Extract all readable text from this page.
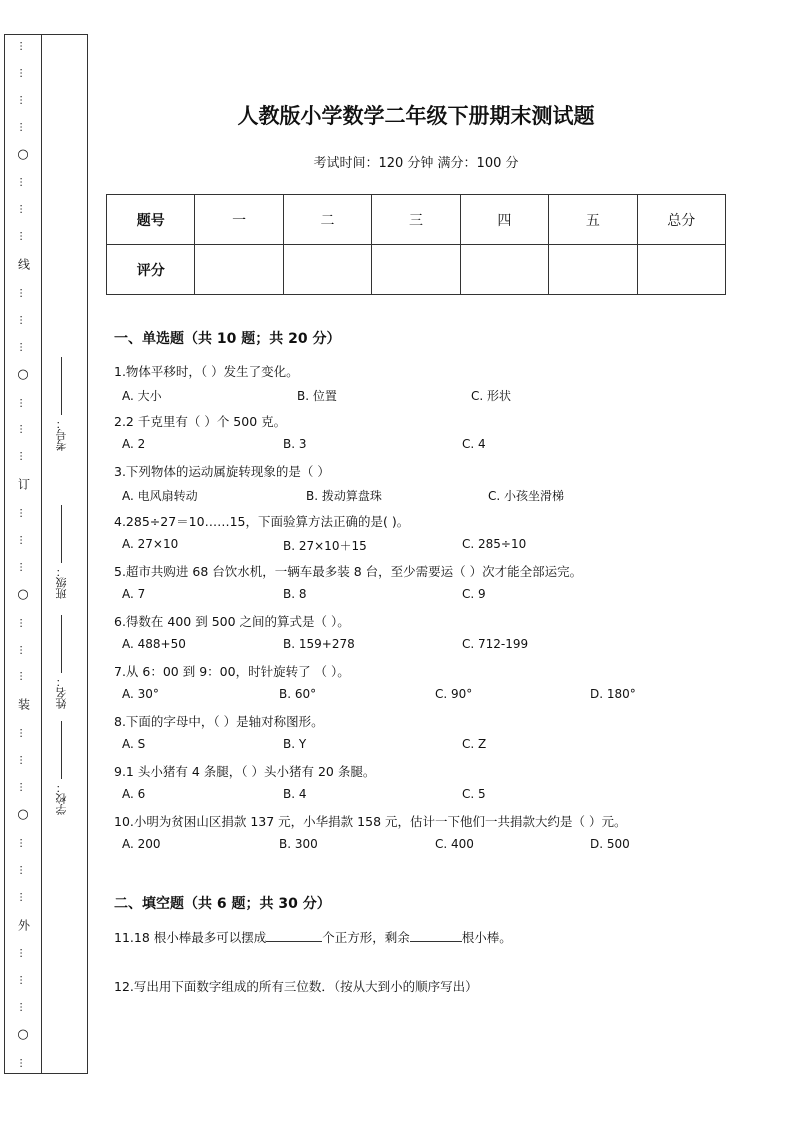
…
…
…
…
○
…
…
…
线
…
…
…
○
…
…
…
订
…
…
…
○
…
…
…
装
…
…
…
○
…
…
…
外
…
…
…
○
…
考号：
班级：
姓名：
学校：
人教版小学数学二年级下册期末测试题
考试时间：120 分钟 满分：100 分
题号	一	二	三	四	五	总分
评分						
一、单选题（共 10 题；共 20 分）
1.物体平移时，（ ）发生了变化。
A. 大小	B. 位置	C. 形状
2.2 千克里有（ ）个 500 克。
A. 2	B. 3	C. 4
3.下列物体的运动属旋转现象的是（ ）
A. 电风扇转动	B. 拨动算盘珠	C. 小孩坐滑梯
4.285÷27＝10……15，下面验算方法正确的是( )。
A. 27×10	B. 27×10＋15	C. 285÷10
5.超市共购进 68 台饮水机，一辆车最多装 8 台，至少需要运（ ）次才能全部运完。
A. 7	B. 8	C. 9
6.得数在 400 到 500 之间的算式是（ ）。
A. 488+50	B. 159+278	C. 712-199
7.从 6：00 到 9：00，时针旋转了 （ ）。
A. 30°	B. 60°	C. 90°	D. 180°
8.下面的字母中，（ ）是轴对称图形。
A. S	B. Y	C. Z
9.1 头小猪有 4 条腿，（ ）头小猪有 20 条腿。
A. 6	B. 4	C. 5
10.小明为贫困山区捐款 137 元，小华捐款 158 元，估计一下他们一共捐款大约是（ ）元。
A. 200	B. 300	C. 400	D. 500
二、填空题（共 6 题；共 30 分）
11.18 根小棒最多可以摆成	个正方形，剩余	根小棒。
12.写出用下面数字组成的所有三位数．（按从大到小的顺序写出）
